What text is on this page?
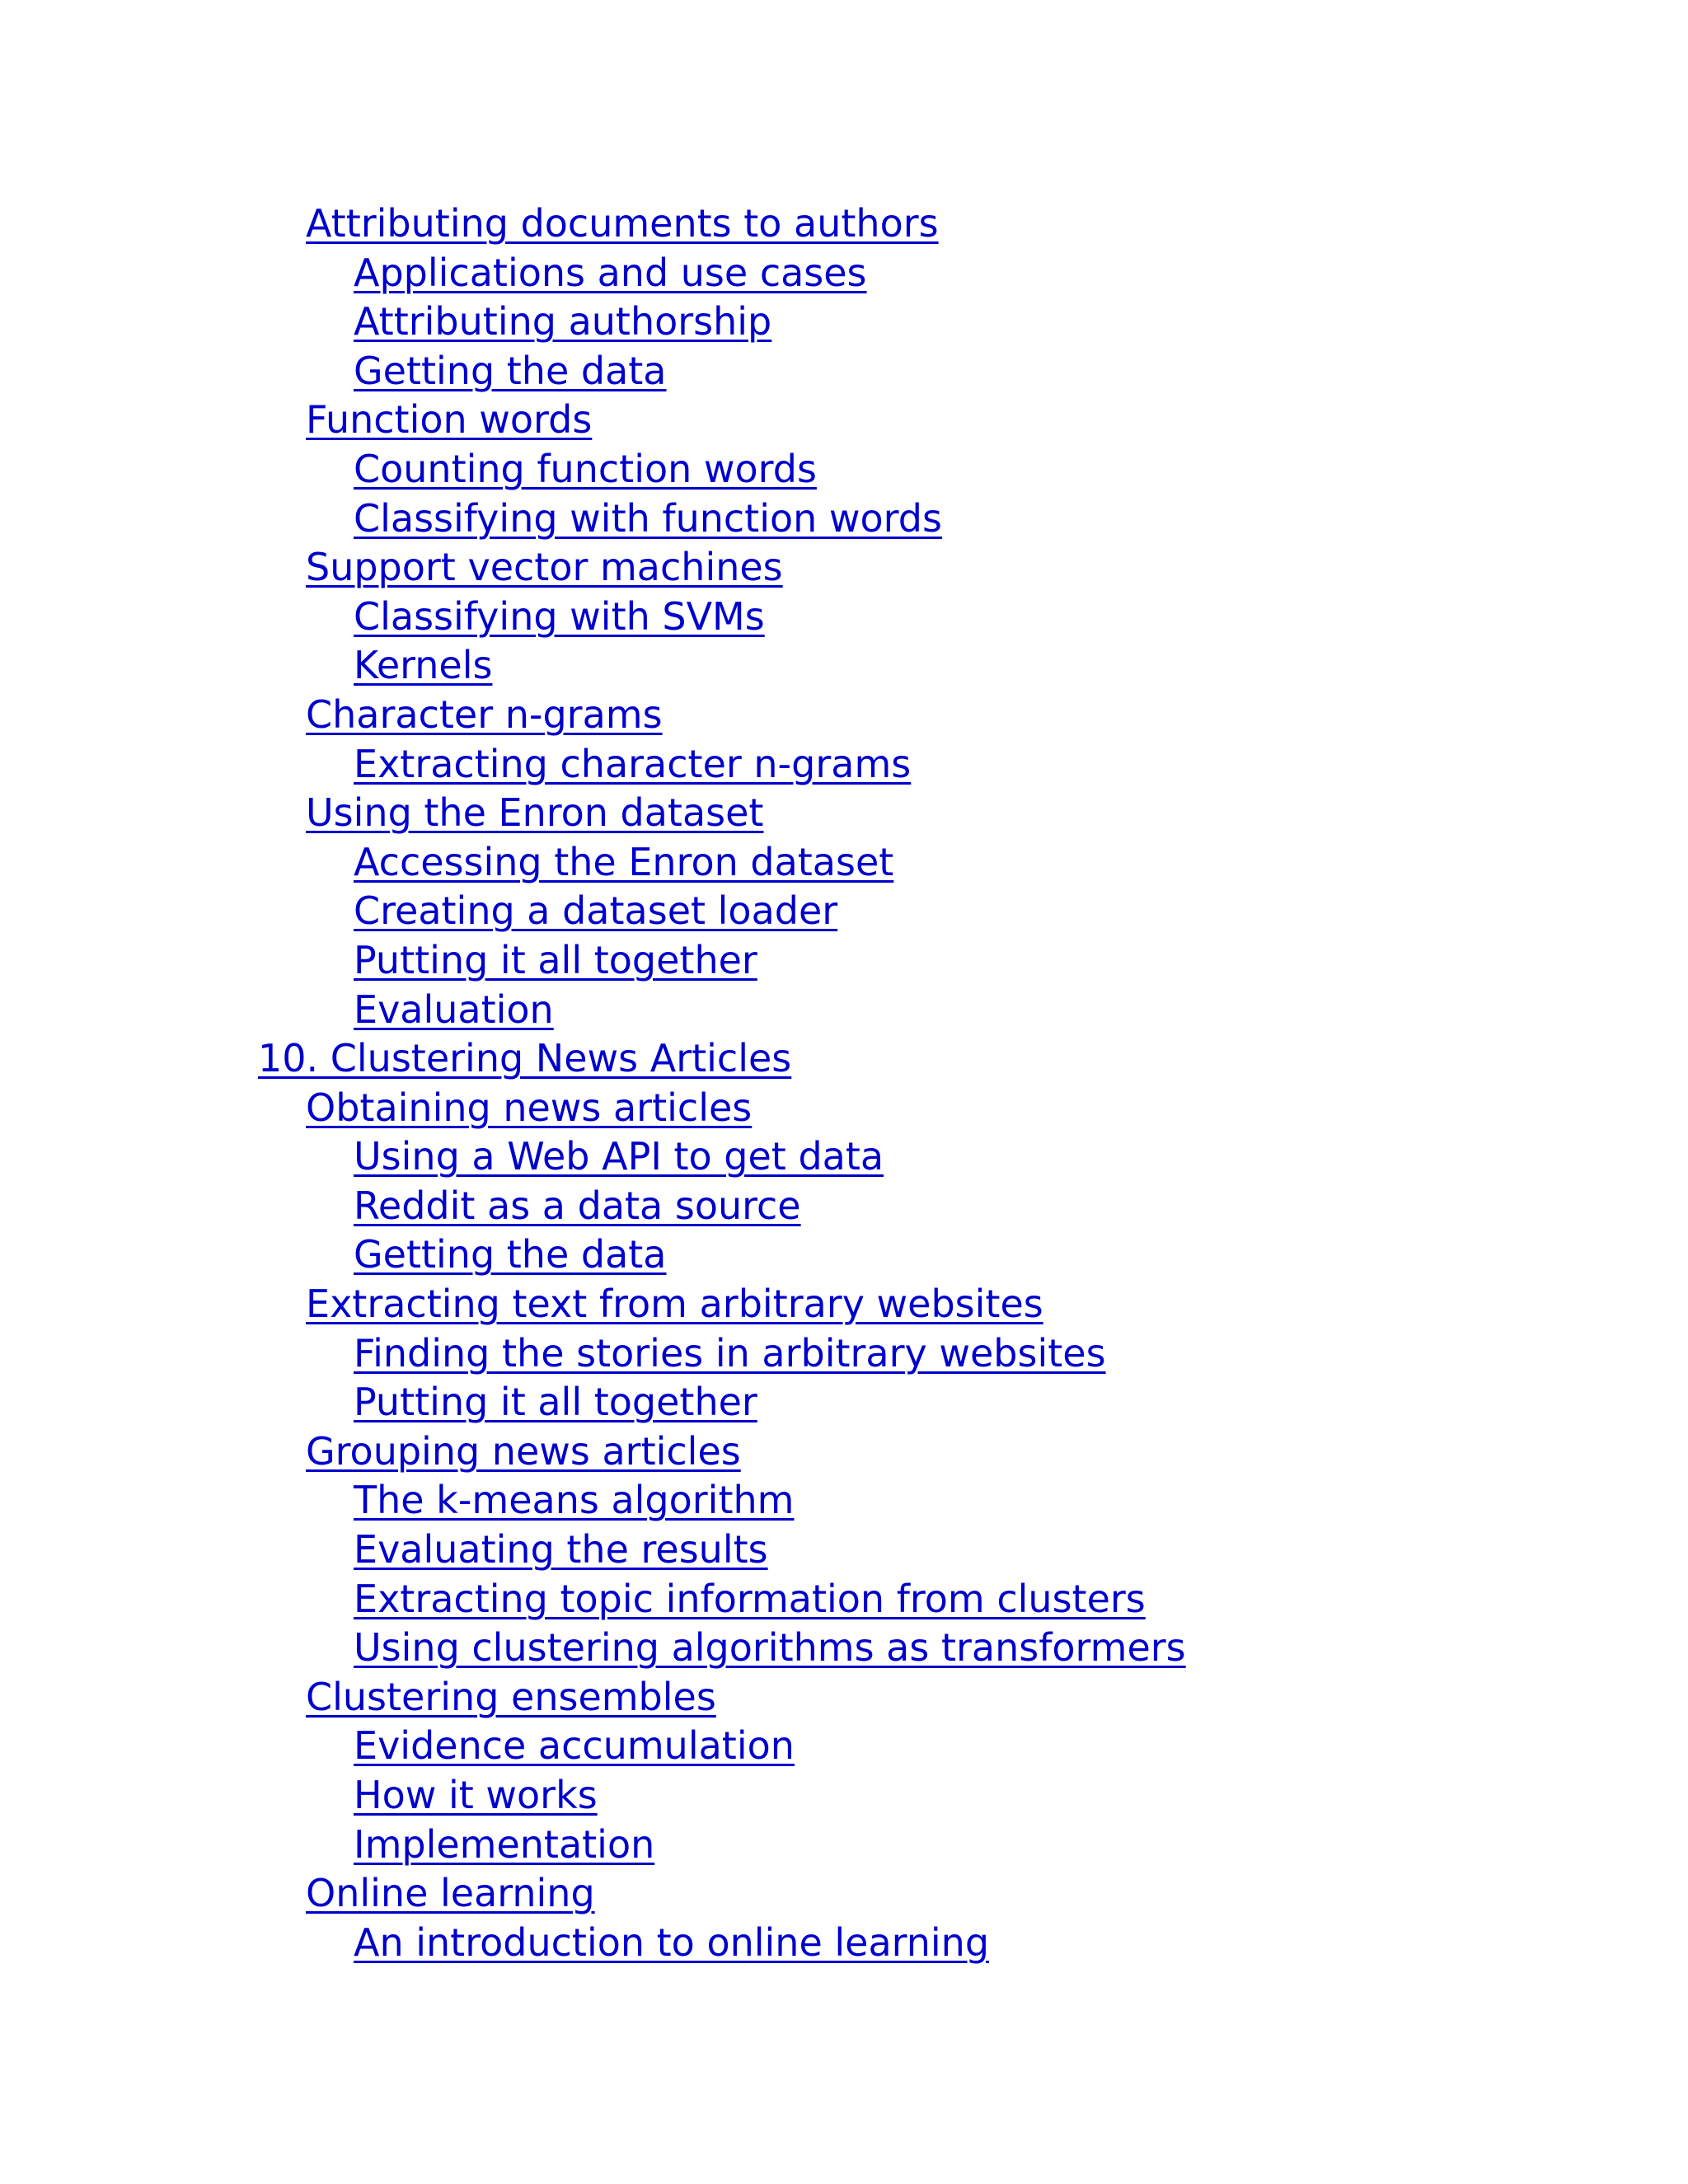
Attributing documents to authors
Applications and use cases
Attributing authorship
Getting the data
Function words
Counting function words
Classifying with function words
Support vector machines
Classifying with SVMs
Kernels
Character n-grams
Extracting character n-grams
Using the Enron dataset
Accessing the Enron dataset
Creating a dataset loader
Putting it all together
Evaluation
10. Clustering News Articles
Obtaining news articles
Using a Web API to get data
Reddit as a data source
Getting the data
Extracting text from arbitrary websites
Finding the stories in arbitrary websites
Putting it all together
Grouping news articles
The k-means algorithm
Evaluating the results
Extracting topic information from clusters
Using clustering algorithms as transformers
Clustering ensembles
Evidence accumulation
How it works
Implementation
Online learning
An introduction to online learning
